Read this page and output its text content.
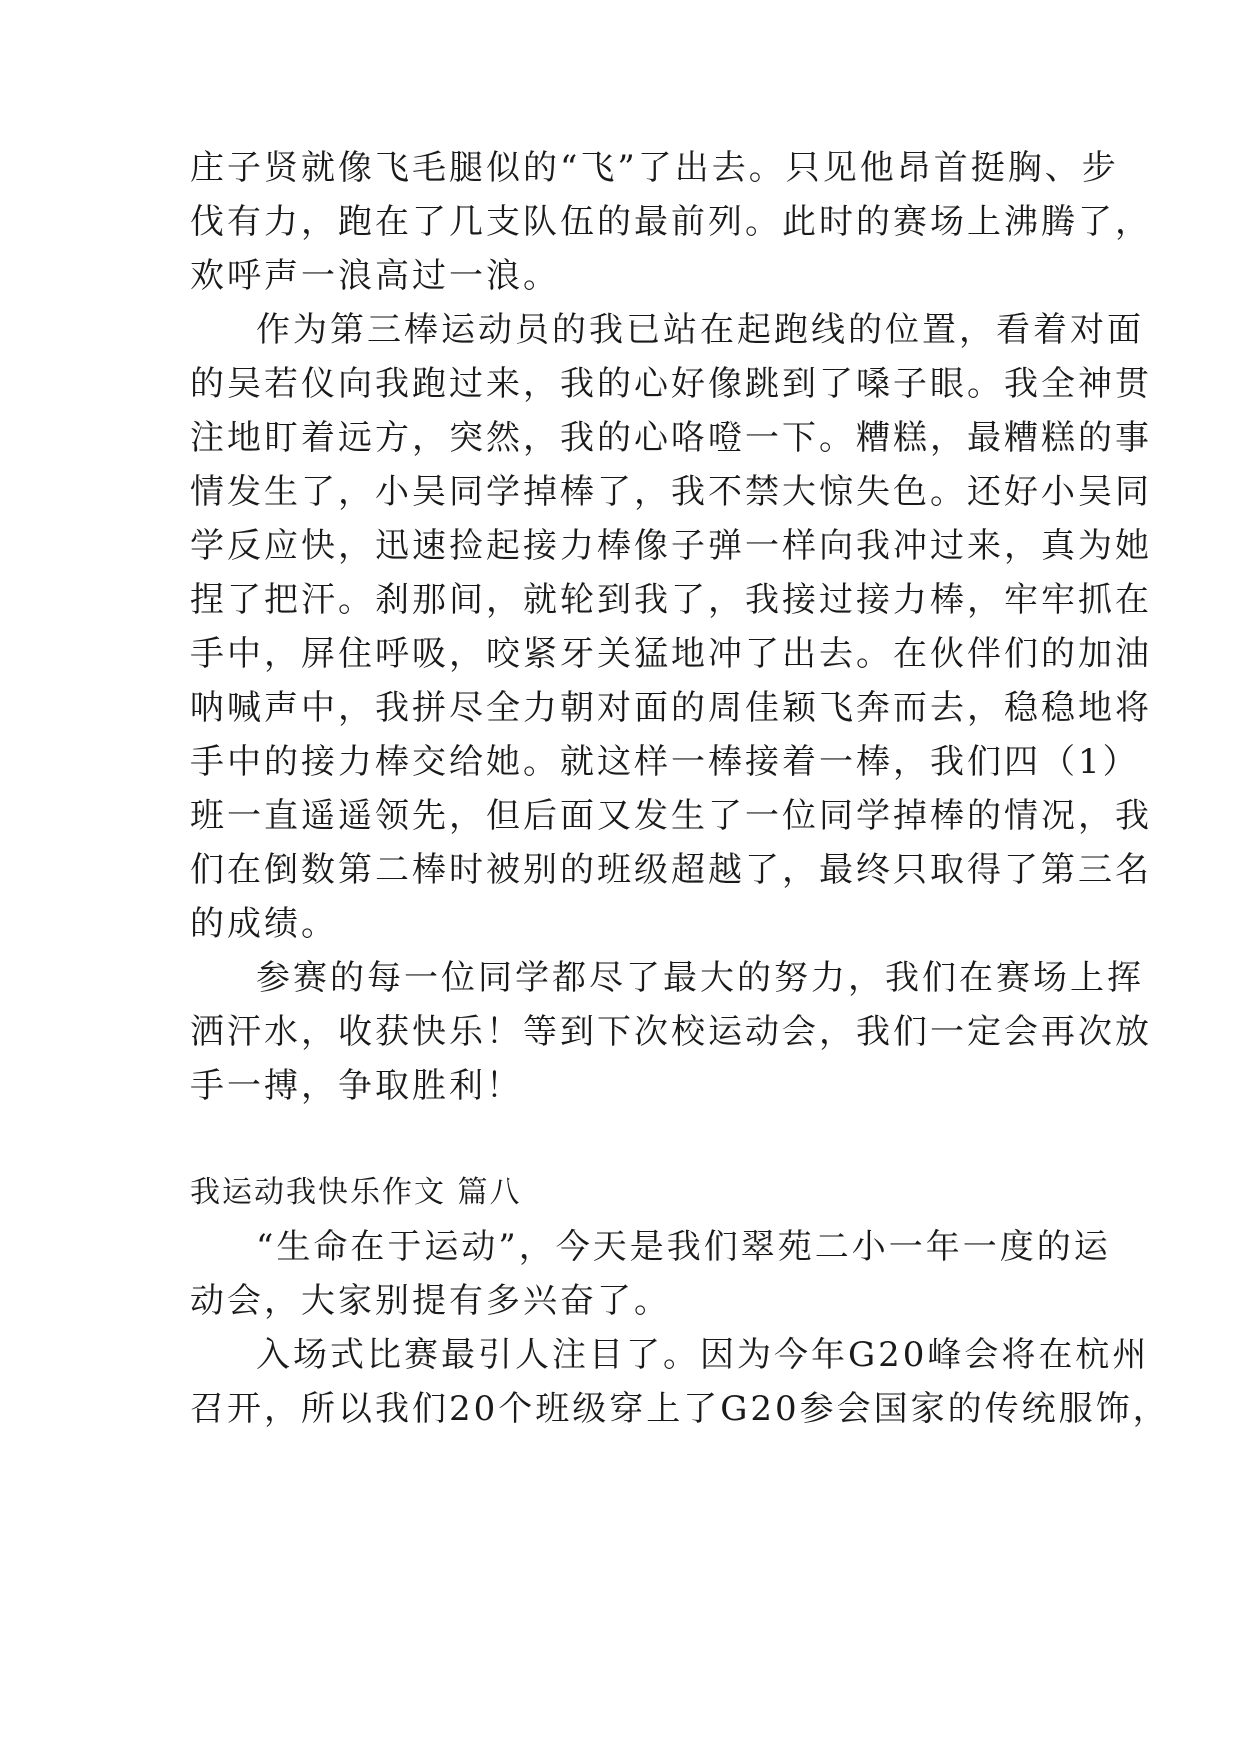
庄子贤就像飞毛腿似的“飞”了出去。只见他昂首挺胸、步

伐有力，跑在了几支队伍的最前列。此时的赛场上沸腾了，

欢呼声一浪高过一浪。

作为第三棒运动员的我已站在起跑线的位置，看着对面

的吴若仪向我跑过来，我的心好像跳到了嗓子眼。我全神贯

注地盯着远方，突然，我的心咯噔一下。糟糕，最糟糕的事

情发生了，小吴同学掉棒了，我不禁大惊失色。还好小吴同

学反应快，迅速捡起接力棒像子弹一样向我冲过来，真为她

捏了把汗。刹那间，就轮到我了，我接过接力棒，牢牢抓在

手中，屏住呼吸，咬紧牙关猛地冲了出去。在伙伴们的加油

呐喊声中，我拼尽全力朝对面的周佳颖飞奔而去，稳稳地将

手中的接力棒交给她。就这样一棒接着一棒，我们四（1）

班一直遥遥领先，但后面又发生了一位同学掉棒的情况，我

们在倒数第二棒时被别的班级超越了，最终只取得了第三名

的成绩。

参赛的每一位同学都尽了最大的努力，我们在赛场上挥

洒汗水，收获快乐！等到下次校运动会，我们一定会再次放

手一搏，争取胜利！

我运动我快乐作文 篇八

“生命在于运动”，今天是我们翠苑二小一年一度的运

动会，大家别提有多兴奋了。

入场式比赛最引人注目了。因为今年G20峰会将在杭州

召开，所以我们20个班级穿上了G20参会国家的传统服饰，
